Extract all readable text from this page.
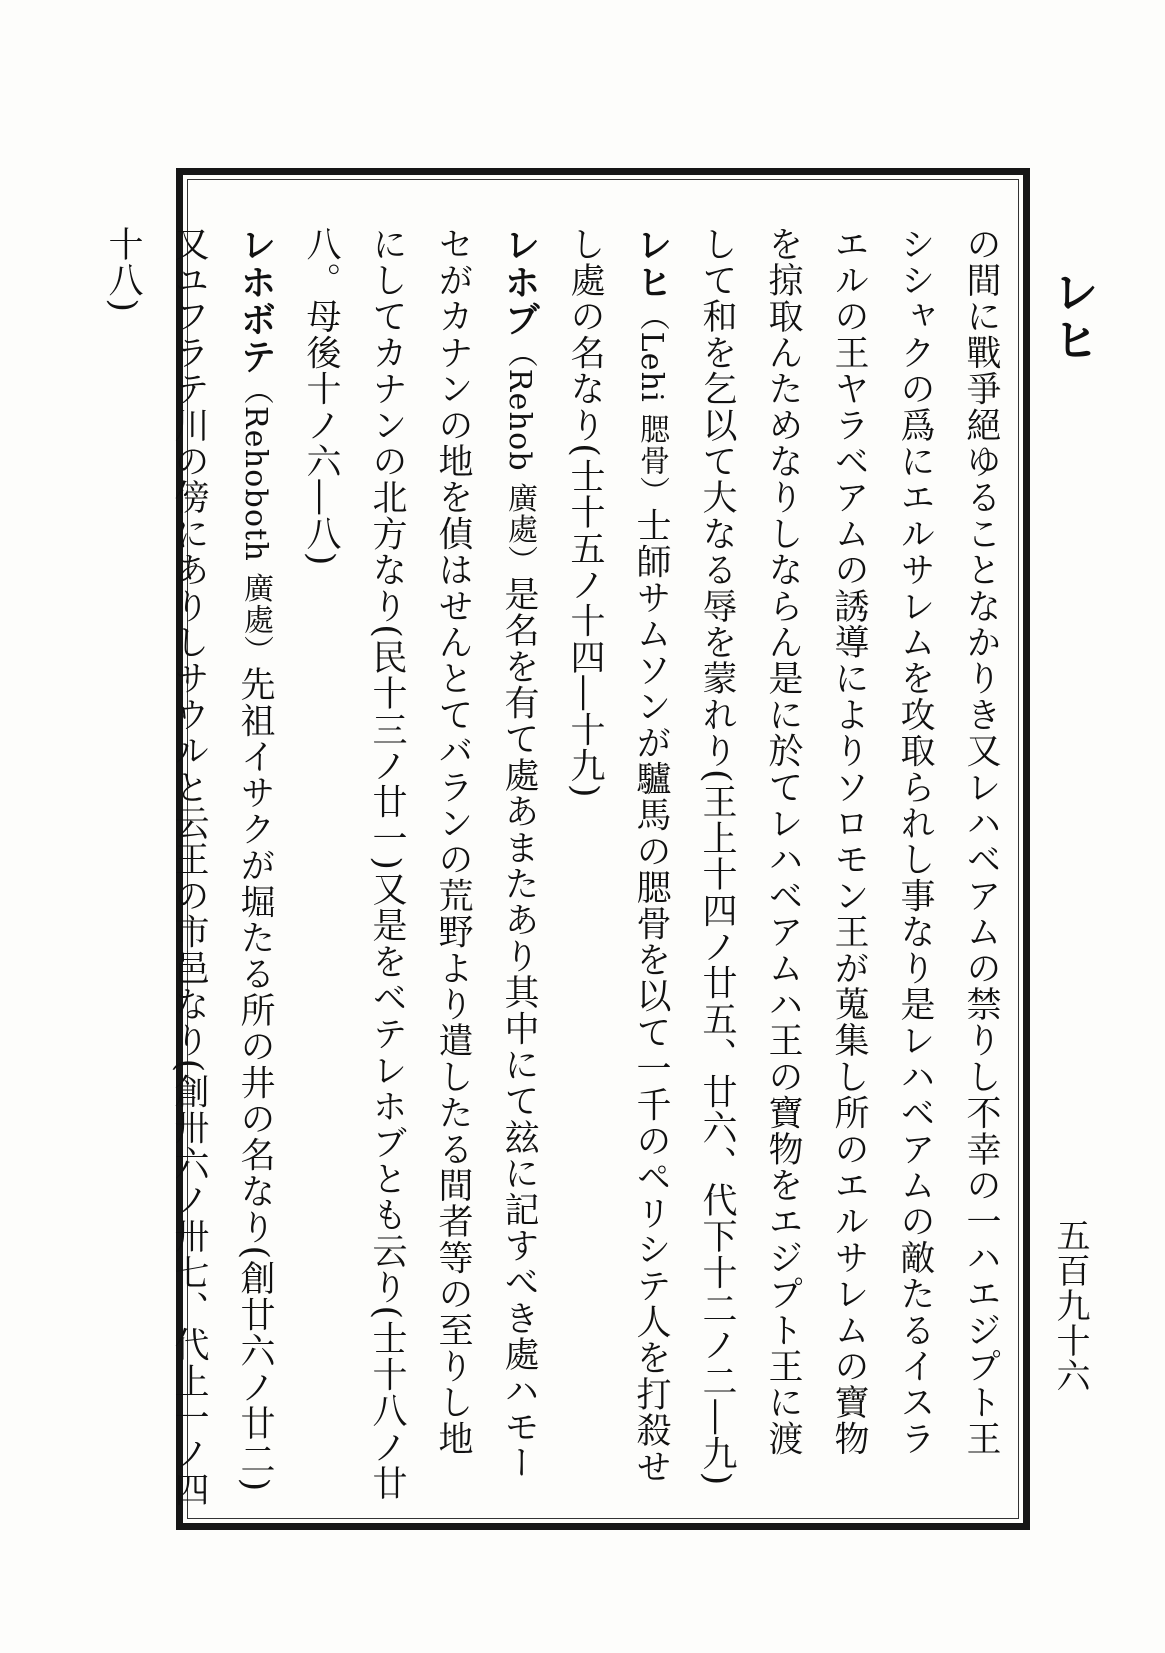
レヒ
五百九十六
の間に戰爭絕ゆることなかりき又レハベアムの禁りし不幸の一ハエジプト王
シシャクの爲にエルサレムを攻取られし事なり是レハベアムの敵たるイスラ
エルの王ヤラベアムの誘導によりソロモン王が蒐集し所のエルサレムの寶物
を掠取んためなりしならん是に於てレハベアムハ王の寶物をエジプト王に渡
して和を乞以て大なる辱を蒙れり(王上十四ノ廿五、廿六、代下十二ノ二―九)
レヒ（Lehi 腮骨）士師サムソンが驢馬の腮骨を以て一千のペリシテ人を打殺せ
し處の名なり(士十五ノ十四―十九)
レホブ（Rehob 廣處）是名を有て處あまたあり其中にて玆に記すべき處ハモー
セがカナンの地を偵はせんとてバランの荒野より遣したる間者等の至りし地
にしてカナンの北方なり(民十三ノ廿一)又是をベテレホブとも云り(士十八ノ廿
八。母後十ノ六―八)
レホボテ（Rehoboth 廣處）先祖イサクが堀たる所の井の名なり(創廿六ノ廿二)
又ユフラテ川の傍にありしサウルと云王の市邑なり(創卅六ノ卅七、代上一ノ四
十八)
